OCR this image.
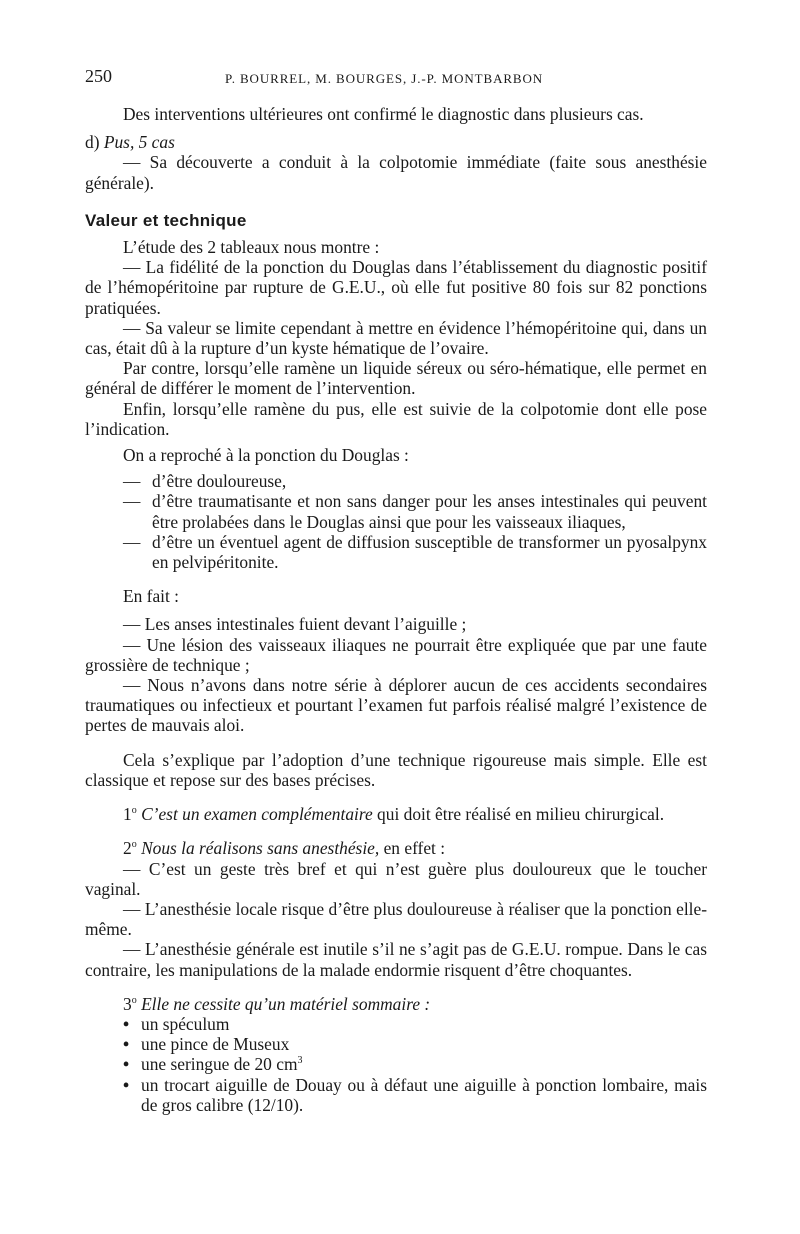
250	P. BOURREL, M. BOURGES, J.-P. MONTBARBON

Des interventions ultérieures ont confirmé le diagnostic dans plusieurs cas.

d) Pus, 5 cas

— Sa découverte a conduit à la colpotomie immédiate (faite sous anesthésie générale).

Valeur et technique

L’étude des 2 tableaux nous montre :

— La fidélité de la ponction du Douglas dans l’établissement du diagnostic positif de l’hémopéritoine par rupture de G.E.U., où elle fut positive 80 fois sur 82 ponctions pratiquées.

— Sa valeur se limite cependant à mettre en évidence l’hémopéritoine qui, dans un cas, était dû à la rupture d’un kyste hématique de l’ovaire.

Par contre, lorsqu’elle ramène un liquide séreux ou séro-hématique, elle permet en général de différer le moment de l’intervention.

Enfin, lorsqu’elle ramène du pus, elle est suivie de la colpotomie dont elle pose l’indication.

On a reproché à la ponction du Douglas :

— d’être douloureuse,
— d’être traumatisante et non sans danger pour les anses intestinales qui peuvent être prolabées dans le Douglas ainsi que pour les vaisseaux iliaques,
— d’être un éventuel agent de diffusion susceptible de transformer un pyosalpynx en pelvipéritonite.

En fait :

— Les anses intestinales fuient devant l’aiguille ;

— Une lésion des vaisseaux iliaques ne pourrait être expliquée que par une faute grossière de technique ;

— Nous n’avons dans notre série à déplorer aucun de ces accidents secondaires traumatiques ou infectieux et pourtant l’examen fut parfois réalisé malgré l’existence de pertes de mauvais aloi.

Cela s’explique par l’adoption d’une technique rigoureuse mais simple. Elle est classique et repose sur des bases précises.

1$^o$ C’est un examen complémentaire qui doit être réalisé en milieu chirurgical.

2$^o$ Nous la réalisons sans anesthésie, en effet :

— C’est un geste très bref et qui n’est guère plus douloureux que le toucher vaginal.

— L’anesthésie locale risque d’être plus douloureuse à réaliser que la ponction elle-même.

— L’anesthésie générale est inutile s’il ne s’agit pas de G.E.U. rompue. Dans le cas contraire, les manipulations de la malade endormie risquent d’être choquantes.

3$^o$ Elle ne cessite qu’un matériel sommaire :

• un spéculum
• une pince de Museux
• une seringue de 20 $cm^3$
• un trocart aiguille de Douay ou à défaut une aiguille à ponction lombaire, mais de gros calibre (12/10).
